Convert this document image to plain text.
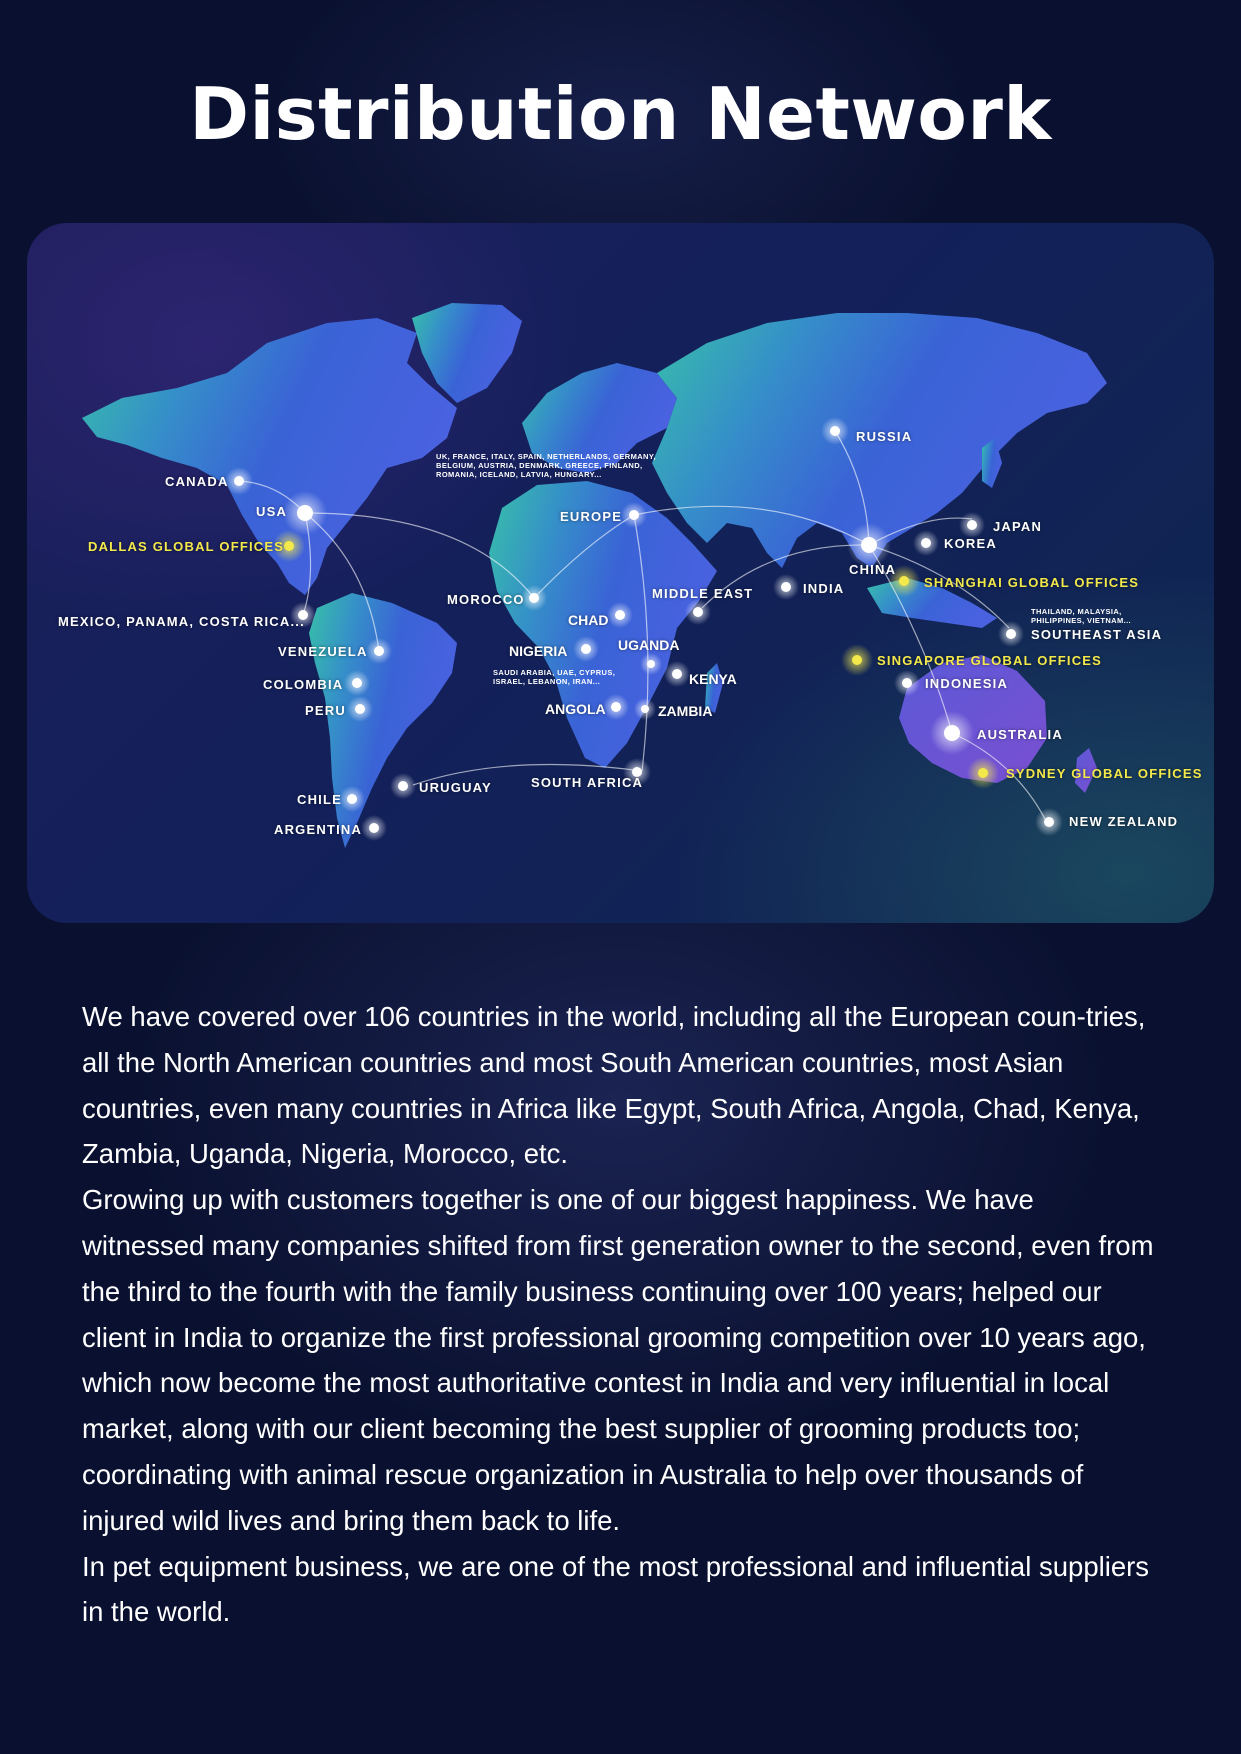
Distribution Network
CANADA
USA
DALLAS GLOBAL OFFICES
MEXICO, PANAMA, COSTA RICA...
VENEZUELA
COLOMBIA
PERU
CHILE
ARGENTINA
URUGUAY
EUROPE
MOROCCO
CHAD
NIGERIA	UGANDA
KENYA
ANGOLA	ZAMBIA
SOUTH AFRICA
MIDDLE EAST
RUSSIA
INDIA
CHINA
KOREA
JAPAN
SHANGHAI GLOBAL OFFICES
SOUTHEAST ASIA
SINGAPORE GLOBAL OFFICES
INDONESIA
AUSTRALIA
SYDNEY GLOBAL OFFICES
NEW ZEALAND
UK, FRANCE, ITALY, SPAIN, NETHERLANDS, GERMANY, BELGIUM, AUSTRIA, DENMARK, GREECE, FINLAND, ROMANIA, ICELAND, LATVIA, HUNGARY...
SAUDI ARABIA, UAE, CYPRUS, ISRAEL, LEBANON, IRAN...
THAILAND, MALAYSIA, PHILIPPINES, VIETNAM...

We have covered over 106 countries in the world, including all the European coun-tries, all the North American countries and most South American countries, most Asian countries, even many countries in Africa like Egypt, South Africa, Angola, Chad, Kenya, Zambia, Uganda, Nigeria, Morocco, etc.

Growing up with customers together is one of our biggest happiness. We have witnessed many companies shifted from first generation owner to the second, even from the third to the fourth with the family business continuing over 100 years; helped our client in India to organize the first professional grooming competition over 10 years ago, which now become the most authoritative contest in India and very influential in local market, along with our client becoming the best supplier of grooming products too; coordinating with animal rescue organization in Australia to help over thousands of injured wild lives and bring them back to life.

In pet equipment business, we are one of the most professional and influential suppliers in the world.
